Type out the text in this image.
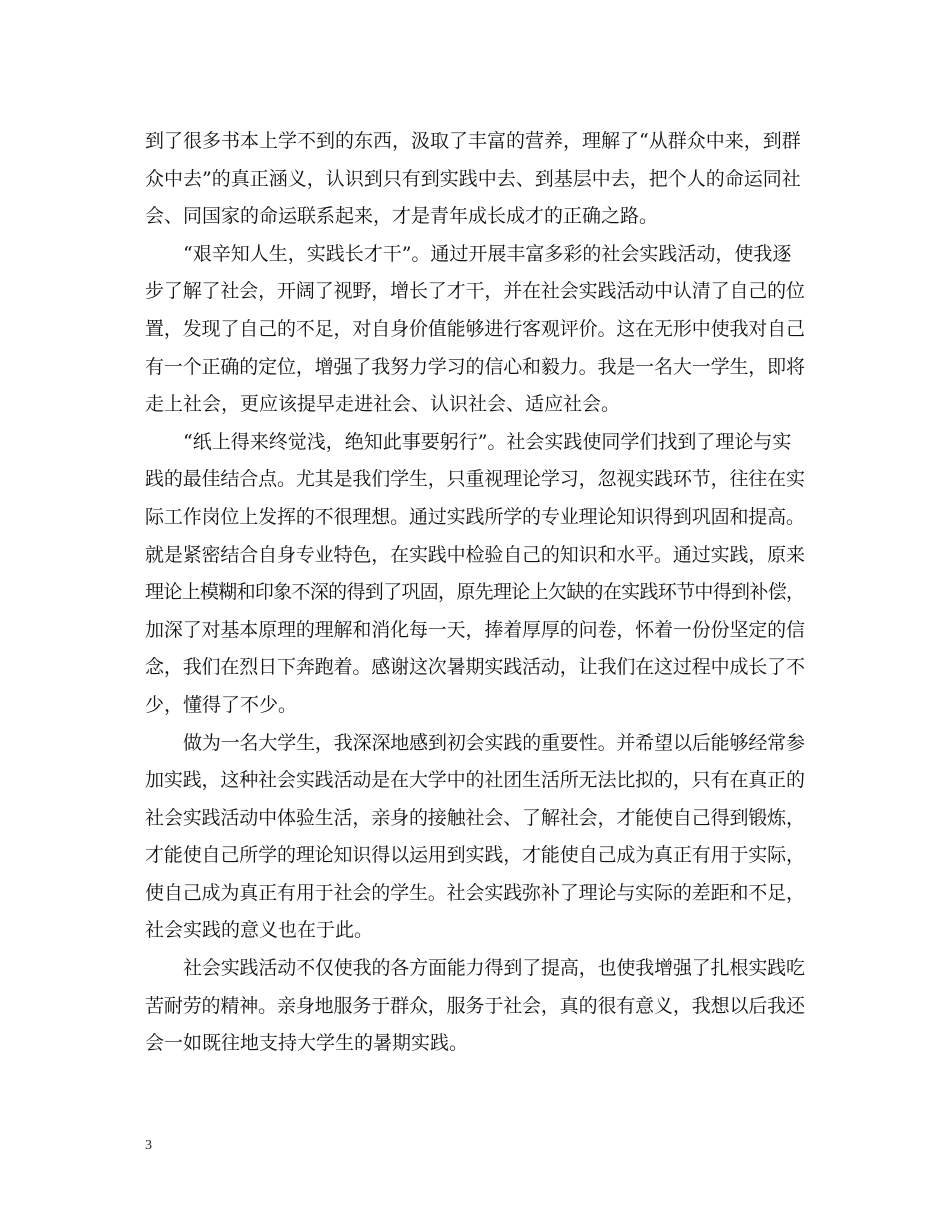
到了很多书本上学不到的东西，汲取了丰富的营养，理解了“从群众中来，到群
众中去”的真正涵义，认识到只有到实践中去、到基层中去，把个人的命运同社
会、同国家的命运联系起来，才是青年成长成才的正确之路。
“艰辛知人生，实践长才干”。通过开展丰富多彩的社会实践活动，使我逐
步了解了社会，开阔了视野，增长了才干，并在社会实践活动中认清了自己的位
置，发现了自己的不足，对自身价值能够进行客观评价。这在无形中使我对自己
有一个正确的定位，增强了我努力学习的信心和毅力。我是一名大一学生，即将
走上社会，更应该提早走进社会、认识社会、适应社会。
“纸上得来终觉浅，绝知此事要躬行”。社会实践使同学们找到了理论与实
践的最佳结合点。尤其是我们学生，只重视理论学习，忽视实践环节，往往在实
际工作岗位上发挥的不很理想。通过实践所学的专业理论知识得到巩固和提高。
就是紧密结合自身专业特色，在实践中检验自己的知识和水平。通过实践，原来
理论上模糊和印象不深的得到了巩固，原先理论上欠缺的在实践环节中得到补偿，
加深了对基本原理的理解和消化每一天，捧着厚厚的问卷，怀着一份份坚定的信
念，我们在烈日下奔跑着。感谢这次暑期实践活动，让我们在这过程中成长了不
少，懂得了不少。
做为一名大学生，我深深地感到初会实践的重要性。并希望以后能够经常参
加实践，这种社会实践活动是在大学中的社团生活所无法比拟的，只有在真正的
社会实践活动中体验生活，亲身的接触社会、了解社会，才能使自己得到锻炼，
才能使自己所学的理论知识得以运用到实践，才能使自己成为真正有用于实际，
使自己成为真正有用于社会的学生。社会实践弥补了理论与实际的差距和不足，
社会实践的意义也在于此。
社会实践活动不仅使我的各方面能力得到了提高，也使我增强了扎根实践吃
苦耐劳的精神。亲身地服务于群众，服务于社会，真的很有意义，我想以后我还
会一如既往地支持大学生的暑期实践。
3
